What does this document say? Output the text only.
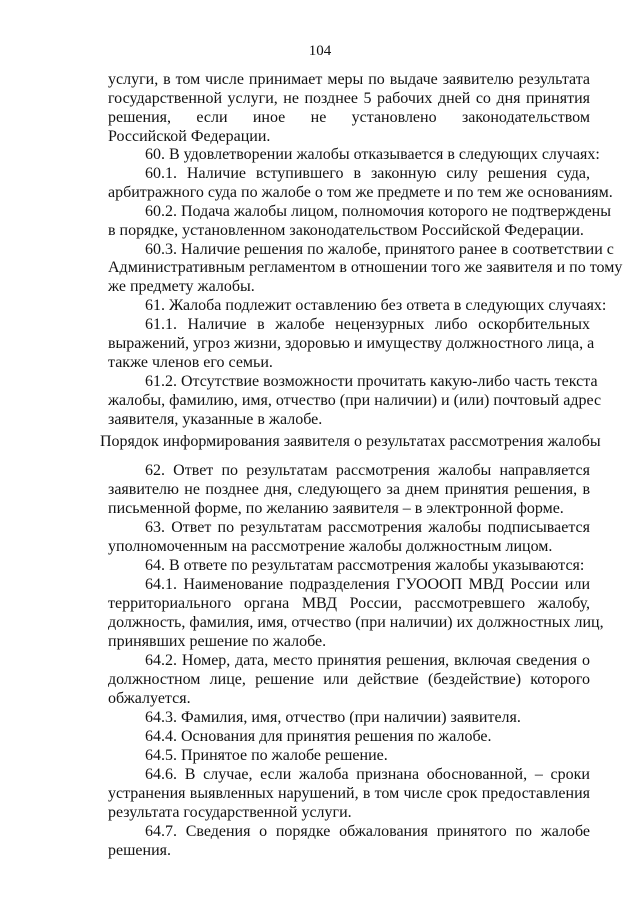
104
услуги, в том числе принимает меры по выдаче заявителю результата
государственной услуги, не позднее 5 рабочих дней со дня принятия
решения, если иное не установлено законодательством
Российской Федерации.
60. В удовлетворении жалобы отказывается в следующих случаях:
60.1. Наличие вступившего в законную силу решения суда,
арбитражного суда по жалобе о том же предмете и по тем же основаниям.
60.2. Подача жалобы лицом, полномочия которого не подтверждены
в порядке, установленном законодательством Российской Федерации.
60.3. Наличие решения по жалобе, принятого ранее в соответствии с
Административным регламентом в отношении того же заявителя и по тому
же предмету жалобы.
61. Жалоба подлежит оставлению без ответа в следующих случаях:
61.1. Наличие в жалобе нецензурных либо оскорбительных
выражений, угроз жизни, здоровью и имуществу должностного лица, а
также членов его семьи.
61.2. Отсутствие возможности прочитать какую-либо часть текста
жалобы, фамилию, имя, отчество (при наличии) и (или) почтовый адрес
заявителя, указанные в жалобе.
Порядок информирования заявителя о результатах рассмотрения жалобы
62. Ответ по результатам рассмотрения жалобы направляется
заявителю не позднее дня, следующего за днем принятия решения, в
письменной форме, по желанию заявителя – в электронной форме.
63. Ответ по результатам рассмотрения жалобы подписывается
уполномоченным на рассмотрение жалобы должностным лицом.
64. В ответе по результатам рассмотрения жалобы указываются:
64.1. Наименование подразделения ГУОООП МВД России или
территориального органа МВД России, рассмотревшего жалобу,
должность, фамилия, имя, отчество (при наличии) их должностных лиц,
принявших решение по жалобе.
64.2. Номер, дата, место принятия решения, включая сведения о
должностном лице, решение или действие (бездействие) которого
обжалуется.
64.3. Фамилия, имя, отчество (при наличии) заявителя.
64.4. Основания для принятия решения по жалобе.
64.5. Принятое по жалобе решение.
64.6. В случае, если жалоба признана обоснованной, – сроки
устранения выявленных нарушений, в том числе срок предоставления
результата государственной услуги.
64.7. Сведения о порядке обжалования принятого по жалобе
решения.
